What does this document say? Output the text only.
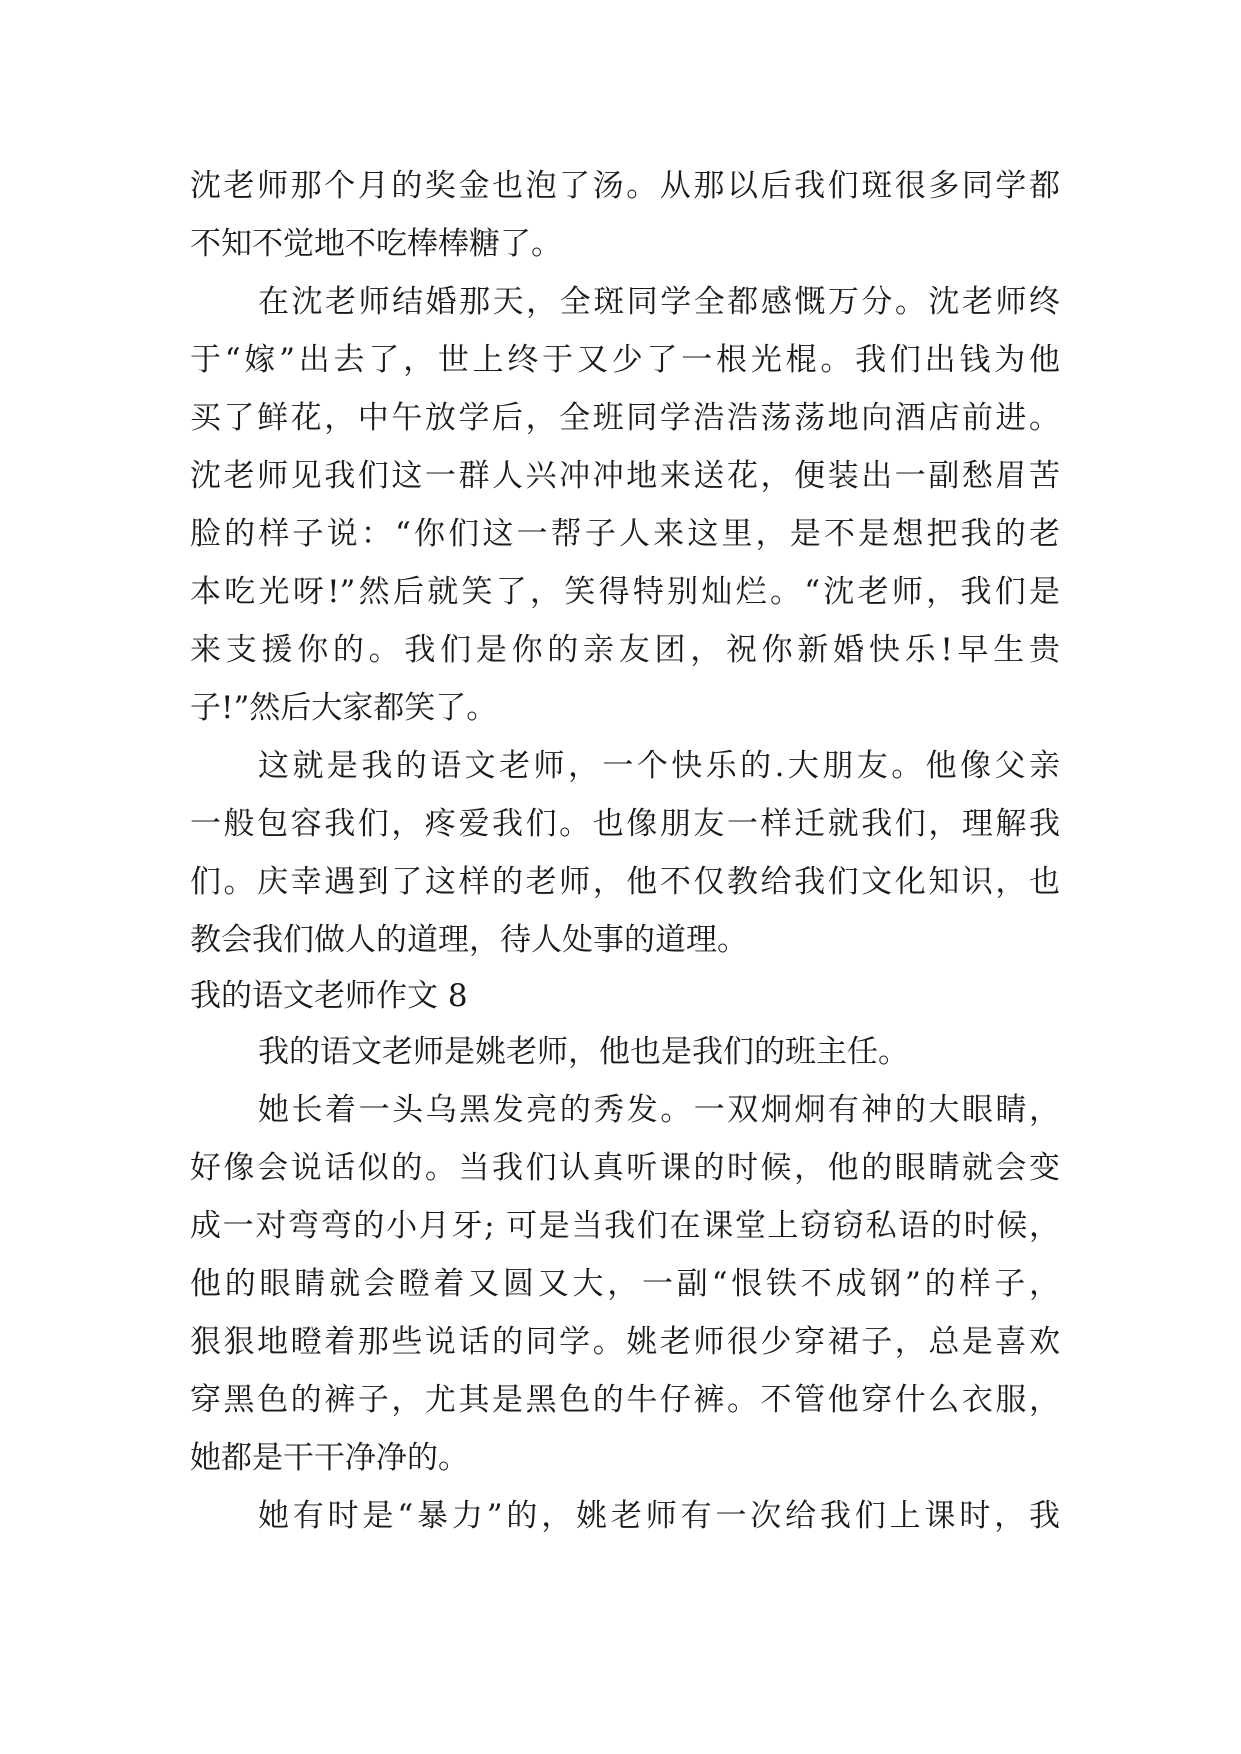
沈老师那个月的奖金也泡了汤。从那以后我们斑很多同学都
不知不觉地不吃棒棒糖了。
在沈老师结婚那天，全斑同学全都感慨万分。沈老师终
于“嫁”出去了，世上终于又少了一根光棍。我们出钱为他
买了鲜花，中午放学后，全班同学浩浩荡荡地向酒店前进。
沈老师见我们这一群人兴冲冲地来送花，便装出一副愁眉苦
脸的样子说：“你们这一帮子人来这里，是不是想把我的老
本吃光呀!”然后就笑了，笑得特别灿烂。“沈老师，我们是
来支援你的。我们是你的亲友团，祝你新婚快乐!早生贵
子!”然后大家都笑了。
这就是我的语文老师，一个快乐的.大朋友。他像父亲
一般包容我们，疼爱我们。也像朋友一样迁就我们，理解我
们。庆幸遇到了这样的老师，他不仅教给我们文化知识，也
教会我们做人的道理，待人处事的道理。
我的语文老师作文 8
我的语文老师是姚老师，他也是我们的班主任。
她长着一头乌黑发亮的秀发。一双炯炯有神的大眼睛，
好像会说话似的。当我们认真听课的时候，他的眼睛就会变
成一对弯弯的小月牙; 可是当我们在课堂上窃窃私语的时候，
他的眼睛就会瞪着又圆又大，一副“恨铁不成钢”的样子，
狠狠地瞪着那些说话的同学。姚老师很少穿裙子，总是喜欢
穿黑色的裤子，尤其是黑色的牛仔裤。不管他穿什么衣服，
她都是干干净净的。
她有时是“暴力”的，姚老师有一次给我们上课时，我
